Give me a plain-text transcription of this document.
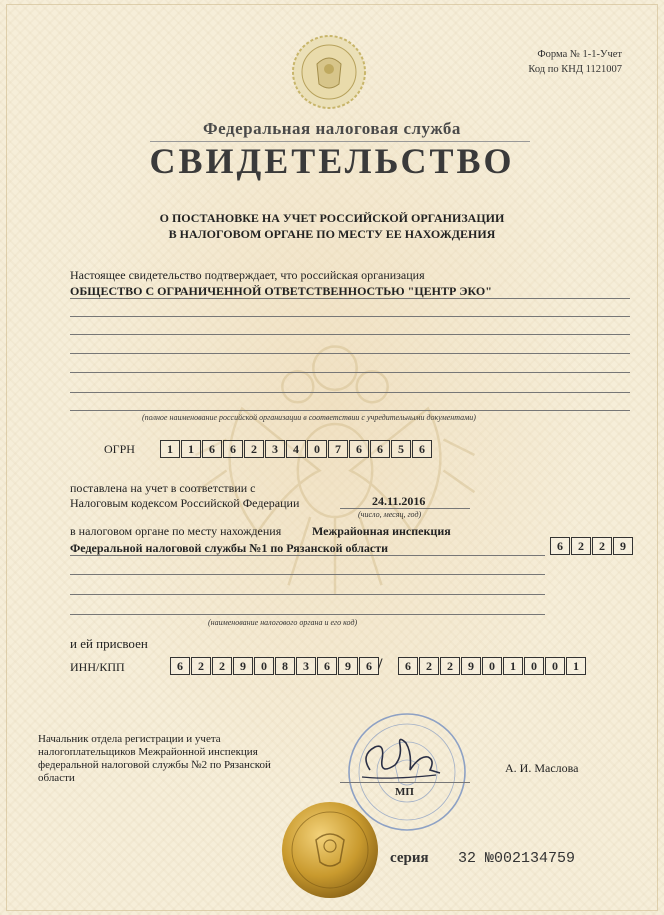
Форма № 1-1-Учет
Код по КНД 1121007
Федеральная налоговая служба
СВИДЕТЕЛЬСТВО
О ПОСТАНОВКЕ НА УЧЕТ РОССИЙСКОЙ ОРГАНИЗАЦИИ
В НАЛОГОВОМ ОРГАНЕ ПО МЕСТУ ЕЕ НАХОЖДЕНИЯ
Настоящее свидетельство подтверждает, что российская организация
ОБЩЕСТВО С ОГРАНИЧЕННОЙ ОТВЕТСТВЕННОСТЬЮ "ЦЕНТР ЭКО"
(полное наименование российской организации в соответствии с учредительными документами)
ОГРН	1	1	6	6	2	3	4	0	7	6	6	5	6
поставлена на учет в соответствии с
Налоговым кодексом Российской Федерации	24.11.2016
(число, месяц, год)
в налоговом органе по месту нахождения	Межрайонная инспекция
Федеральной налоговой службы №1 по Рязанской области	6	2	2	9
(наименование налогового органа и его код)
и ей присвоен
ИНН/КПП	6	2	2	9	0	8	3	6	9	6 /	6	2	2	9	0	1	0	0	1
Начальник отдела регистрации и учета
налогоплательщиков Межрайонной инспекция
федеральной налоговой службы №2 по Рязанской
области
МП
А. И. Маслова
серия 32 №002134759
